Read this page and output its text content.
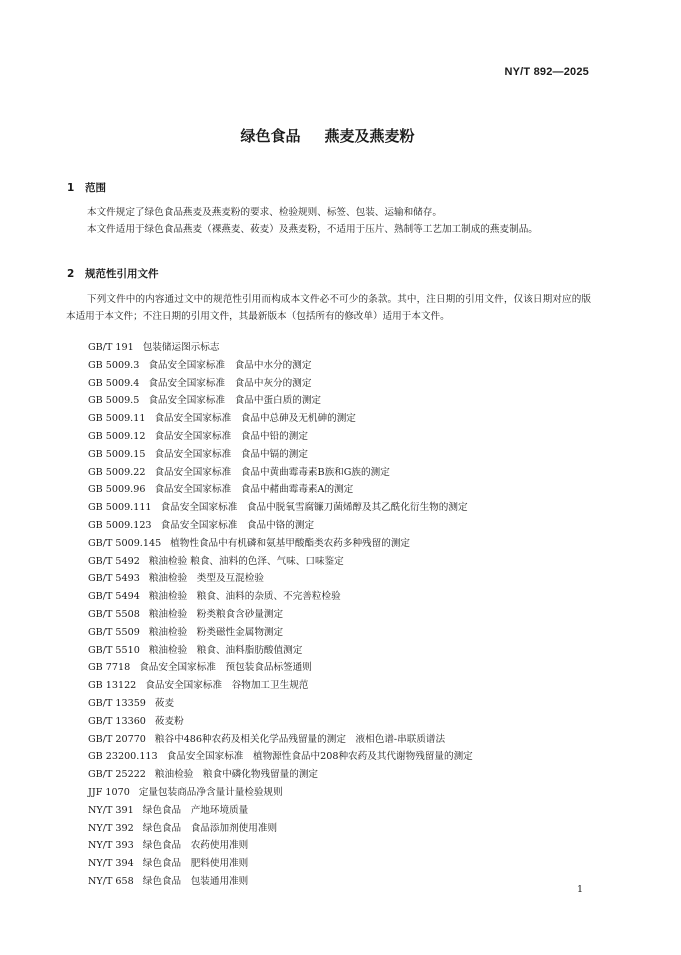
NY/T 892—2025
绿色食品 燕麦及燕麦粉
1 范围
本文件规定了绿色食品燕麦及燕麦粉的要求、检验规则、标签、包装、运输和储存。
本文件适用于绿色食品燕麦（裸燕麦、莜麦）及燕麦粉，不适用于压片、熟制等工艺加工制成的燕麦制品。
2 规范性引用文件
下列文件中的内容通过文中的规范性引用而构成本文件必不可少的条款。其中，注日期的引用文件，仅该日期对应的版本适用于本文件；不注日期的引用文件，其最新版本（包括所有的修改单）适用于本文件。
GB/T 191 包装储运图示标志
GB 5009.3 食品安全国家标准　食品中水分的测定
GB 5009.4 食品安全国家标准　食品中灰分的测定
GB 5009.5 食品安全国家标准　食品中蛋白质的测定
GB 5009.11 食品安全国家标准　食品中总砷及无机砷的测定
GB 5009.12 食品安全国家标准　食品中铅的测定
GB 5009.15 食品安全国家标准　食品中镉的测定
GB 5009.22 食品安全国家标准　食品中黄曲霉毒素B族和G族的测定
GB 5009.96 食品安全国家标准　食品中赭曲霉毒素A的测定
GB 5009.111 食品安全国家标准　食品中脱氧雪腐镰刀菌烯醇及其乙酰化衍生物的测定
GB 5009.123 食品安全国家标准　食品中铬的测定
GB/T 5009.145 植物性食品中有机磷和氨基甲酸酯类农药多种残留的测定
GB/T 5492 粮油检验 粮食、油料的色泽、气味、口味鉴定
GB/T 5493 粮油检验　类型及互混检验
GB/T 5494 粮油检验　粮食、油料的杂质、不完善粒检验
GB/T 5508 粮油检验　粉类粮食含砂量测定
GB/T 5509 粮油检验　粉类磁性金属物测定
GB/T 5510 粮油检验　粮食、油料脂肪酸值测定
GB 7718 食品安全国家标准　预包装食品标签通则
GB 13122 食品安全国家标准　谷物加工卫生规范
GB/T 13359 莜麦
GB/T 13360 莜麦粉
GB/T 20770 粮谷中486种农药及相关化学品残留量的测定　液相色谱-串联质谱法
GB 23200.113 食品安全国家标准　植物源性食品中208种农药及其代谢物残留量的测定
GB/T 25222 粮油检验　粮食中磷化物残留量的测定
JJF 1070 定量包装商品净含量计量检验规则
NY/T 391 绿色食品　产地环境质量
NY/T 392 绿色食品　食品添加剂使用准则
NY/T 393 绿色食品　农药使用准则
NY/T 394 绿色食品　肥料使用准则
NY/T 658 绿色食品　包装通用准则
1
